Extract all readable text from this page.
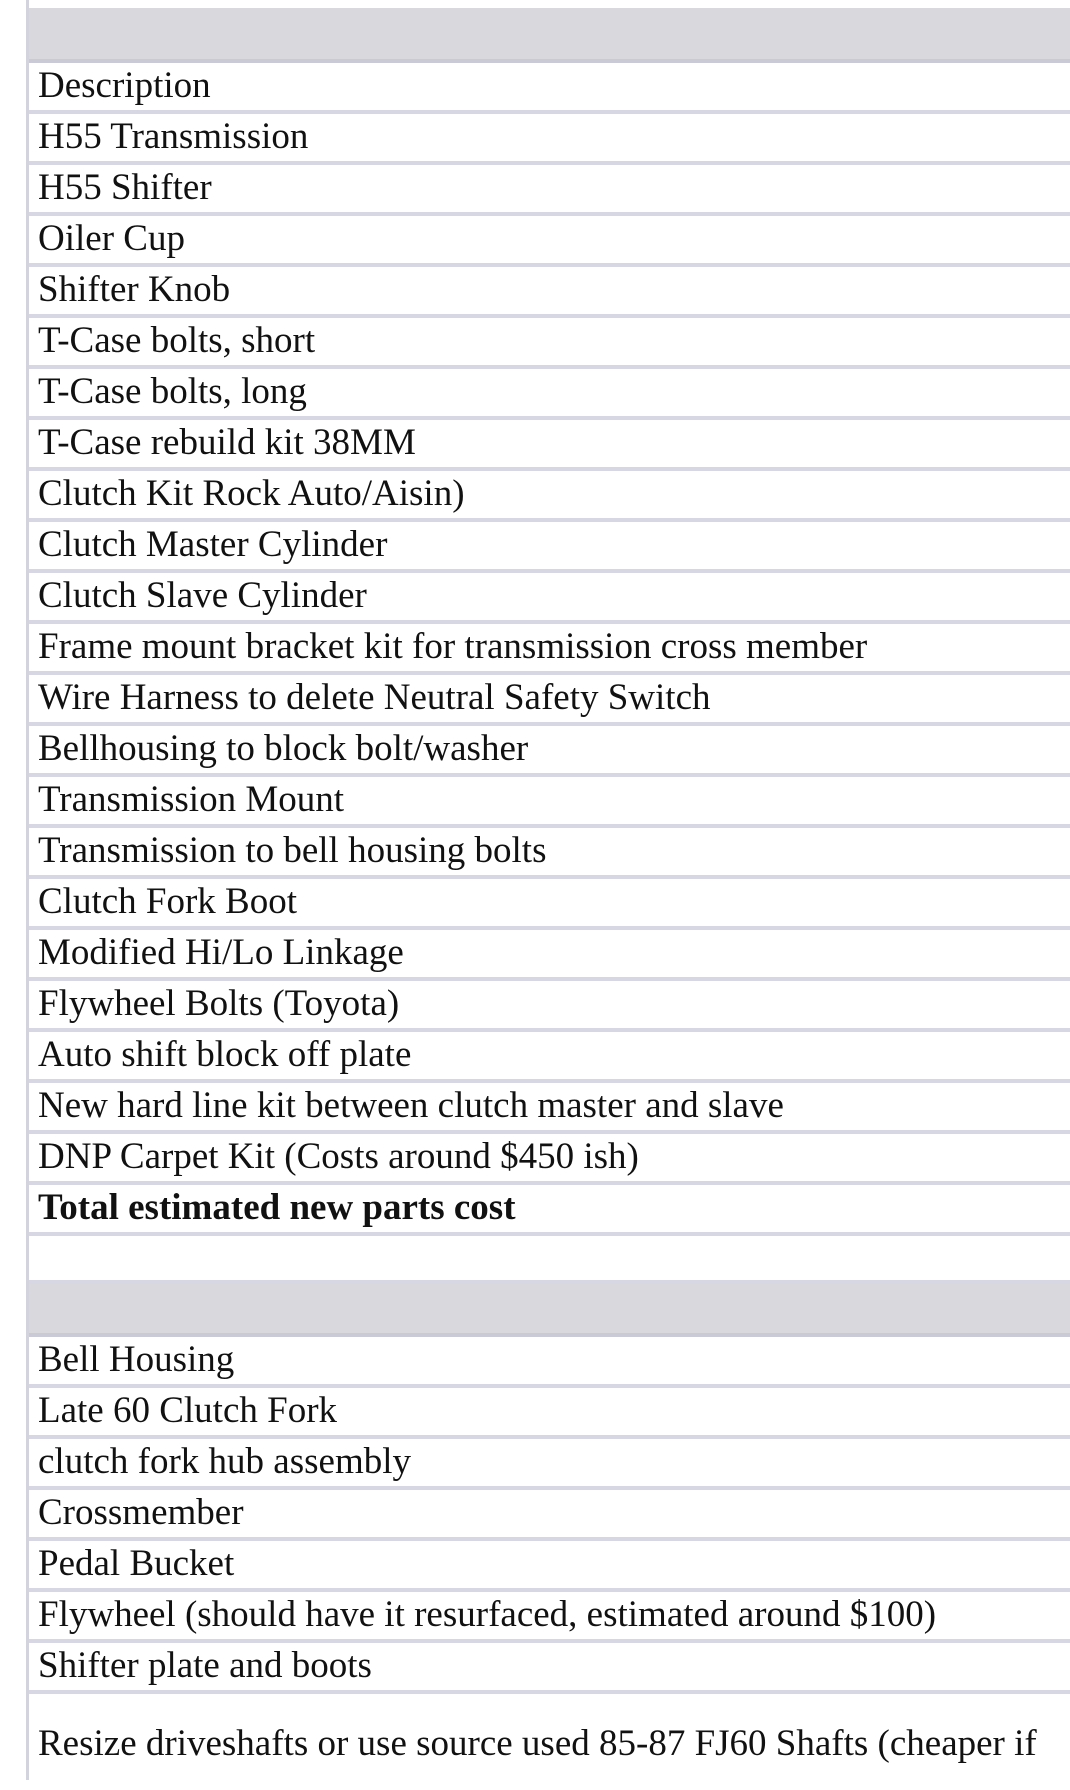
Description
H55 Transmission
H55 Shifter
Oiler Cup
Shifter Knob
T-Case bolts, short
T-Case bolts, long
T-Case rebuild kit 38MM
Clutch Kit Rock Auto/Aisin)
Clutch Master Cylinder
Clutch Slave Cylinder
Frame mount bracket kit for transmission cross member
Wire Harness to delete Neutral Safety Switch
Bellhousing to block bolt/washer
Transmission Mount
Transmission to bell housing bolts
Clutch Fork Boot
Modified Hi/Lo Linkage
Flywheel Bolts (Toyota)
Auto shift block off plate
New hard line kit between clutch master and slave
DNP Carpet Kit (Costs around $450 ish)
Total estimated new parts cost
Bell Housing
Late 60 Clutch Fork
clutch fork hub assembly
Crossmember
Pedal Bucket
Flywheel (should have it resurfaced, estimated around $100)
Shifter plate and boots
Resize driveshafts or use source used 85-87 FJ60 Shafts (cheaper if
